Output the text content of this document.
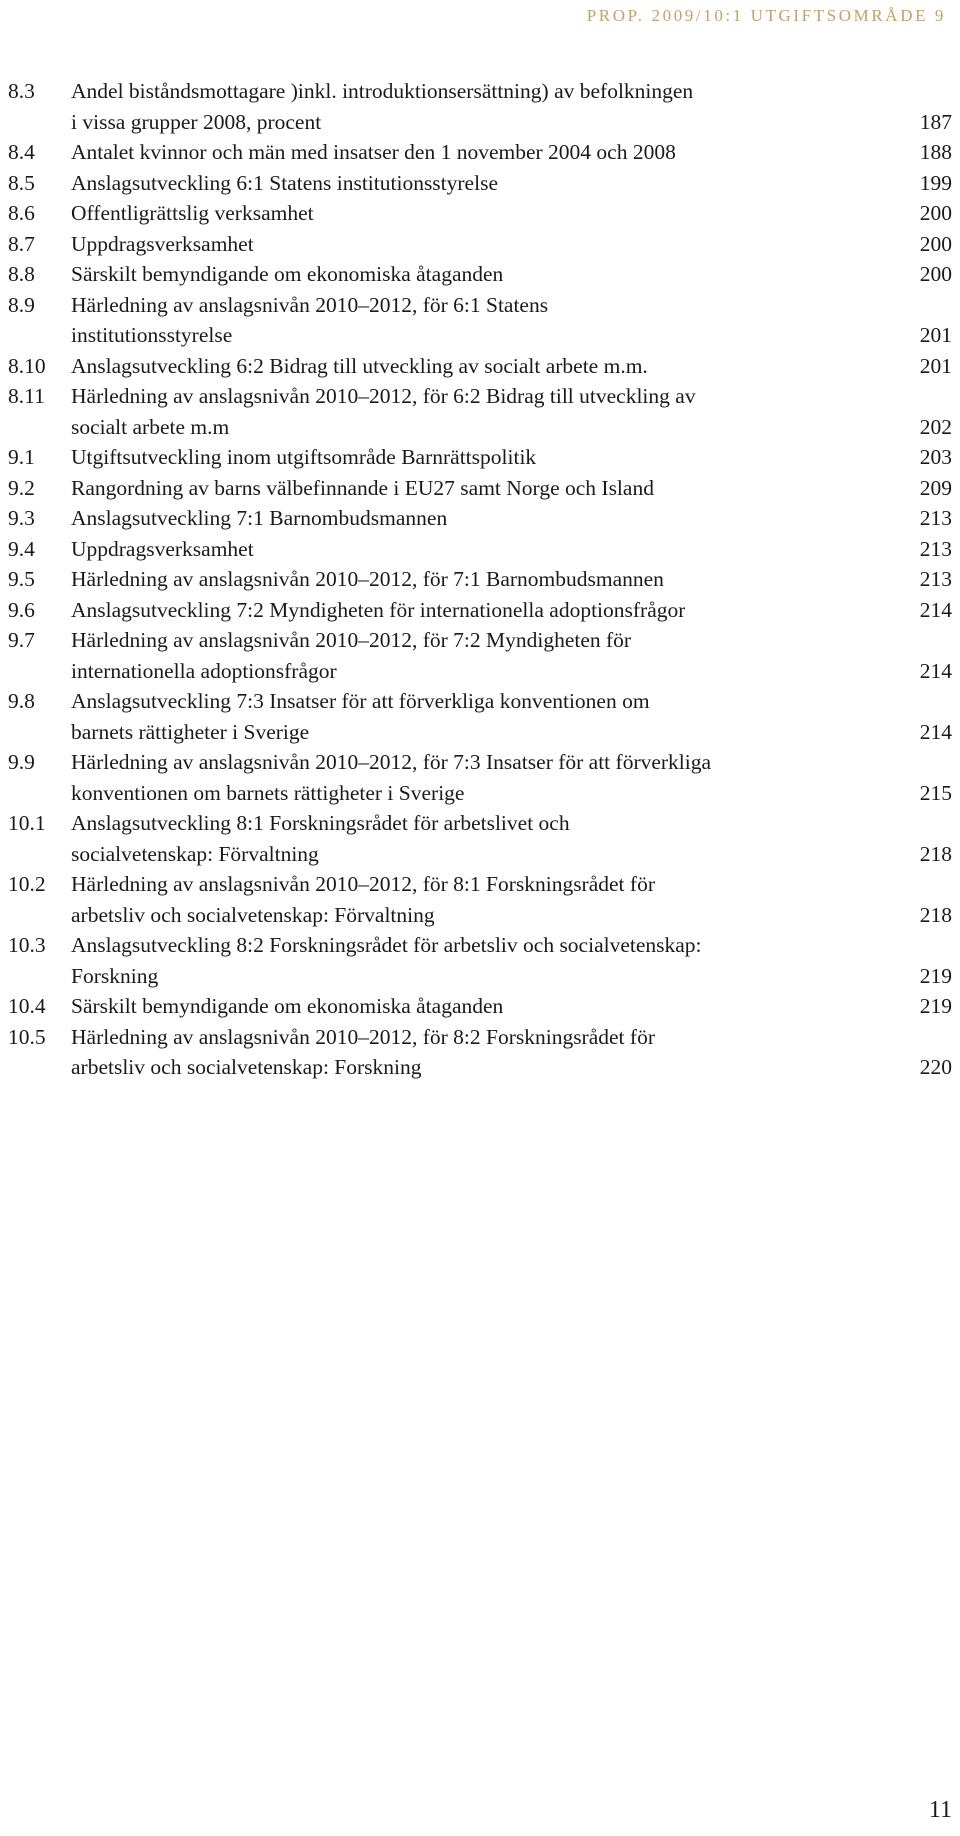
PROP. 2009/10:1 UTGIFTSOMRÅDE 9
8.3	Andel biståndsmottagare )inkl. introduktionsersättning) av befolkningen
i vissa grupper 2008, procent	187
8.4	Antalet kvinnor och män med insatser den 1 november 2004 och 2008	188
8.5	Anslagsutveckling 6:1 Statens institutionsstyrelse	199
8.6	Offentligrättslig verksamhet	200
8.7	Uppdragsverksamhet	200
8.8	Särskilt bemyndigande om ekonomiska åtaganden	200
8.9	Härledning av anslagsnivån 2010–2012, för 6:1 Statens
institutionsstyrelse	201
8.10	Anslagsutveckling 6:2 Bidrag till utveckling av socialt arbete m.m.	201
8.11	Härledning av anslagsnivån 2010–2012, för 6:2 Bidrag till utveckling av
socialt arbete m.m	202
9.1	Utgiftsutveckling inom utgiftsområde Barnrättspolitik	203
9.2	Rangordning av barns välbefinnande i EU27 samt Norge och Island	209
9.3	Anslagsutveckling 7:1 Barnombudsmannen	213
9.4	Uppdragsverksamhet	213
9.5	Härledning av anslagsnivån 2010–2012, för 7:1 Barnombudsmannen	213
9.6	Anslagsutveckling 7:2 Myndigheten för internationella adoptionsfrågor	214
9.7	Härledning av anslagsnivån 2010–2012, för 7:2 Myndigheten för
internationella adoptionsfrågor	214
9.8	Anslagsutveckling 7:3 Insatser för att förverkliga konventionen om
barnets rättigheter i Sverige	214
9.9	Härledning av anslagsnivån 2010–2012, för 7:3 Insatser för att förverkliga
konventionen om barnets rättigheter i Sverige	215
10.1	Anslagsutveckling 8:1 Forskningsrådet för arbetslivet och
socialvetenskap: Förvaltning	218
10.2	Härledning av anslagsnivån 2010–2012, för 8:1 Forskningsrådet för
arbetsliv och socialvetenskap: Förvaltning	218
10.3	Anslagsutveckling 8:2 Forskningsrådet för arbetsliv och socialvetenskap:
Forskning	219
10.4	Särskilt bemyndigande om ekonomiska åtaganden	219
10.5	Härledning av anslagsnivån 2010–2012, för 8:2 Forskningsrådet för
arbetsliv och socialvetenskap: Forskning	220
11
